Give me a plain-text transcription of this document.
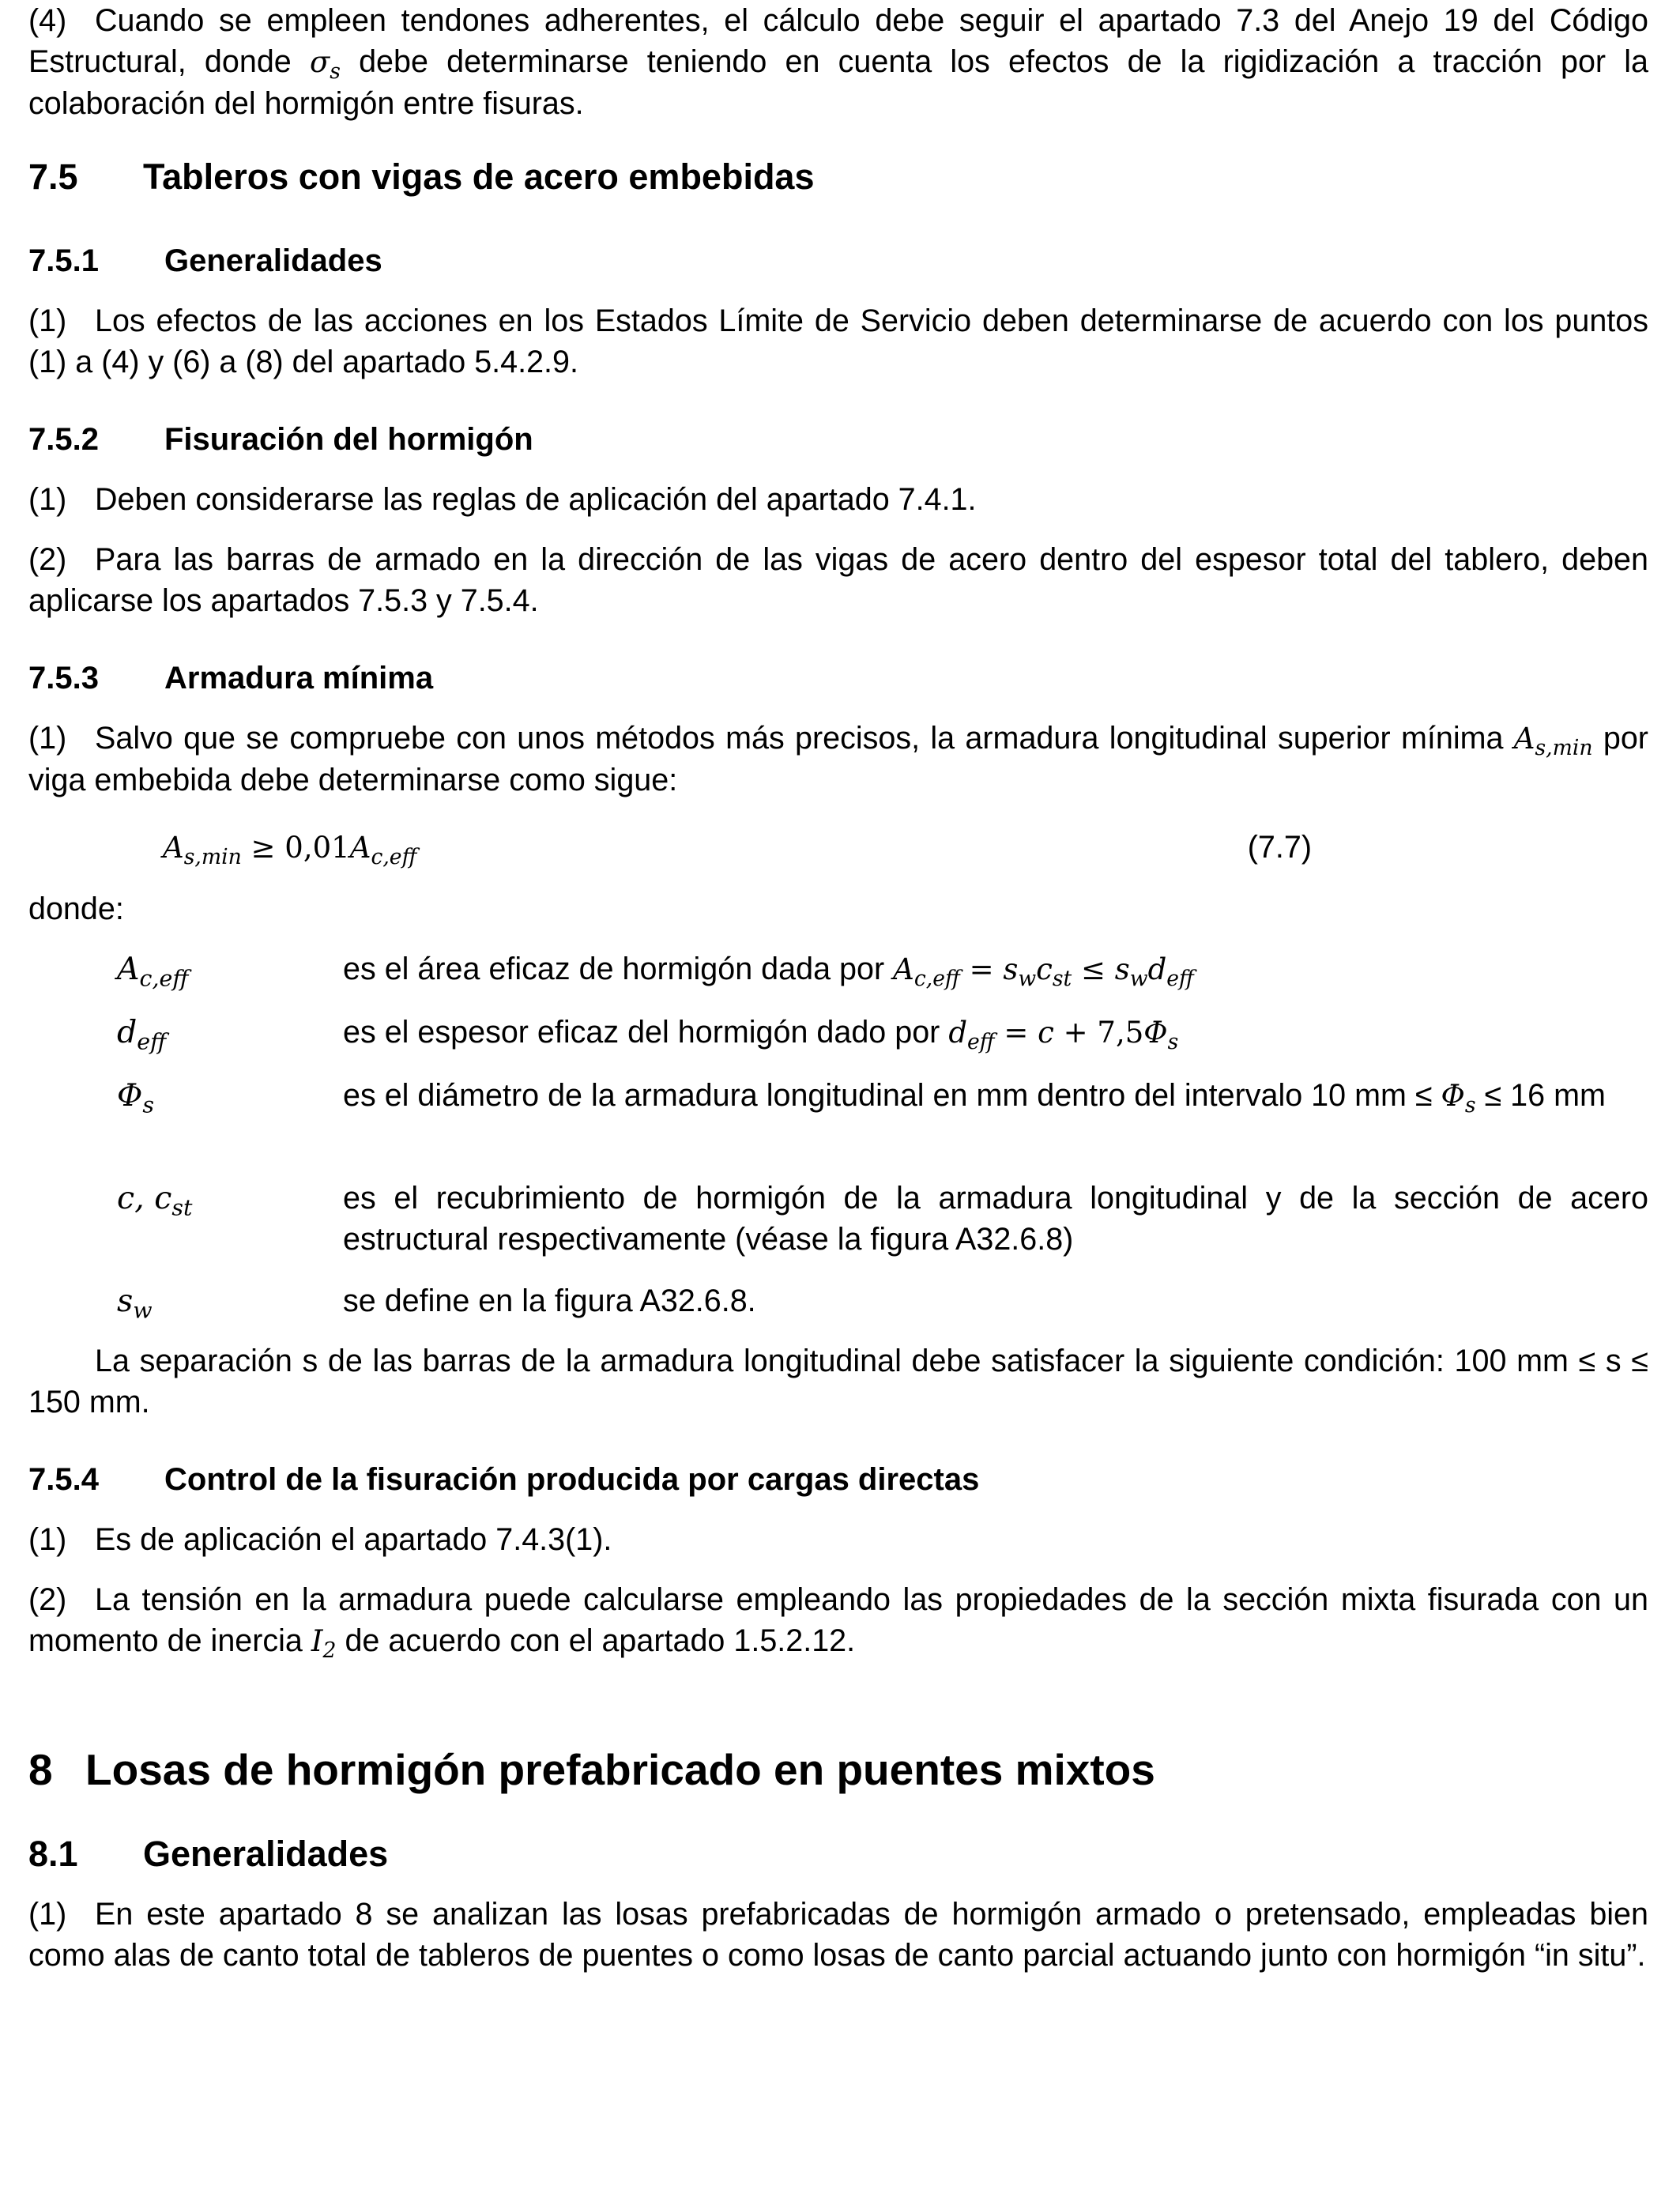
(4) Cuando se empleen tendones adherentes, el cálculo debe seguir el apartado 7.3 del Anejo 19 del Código Estructural, donde $\sigma_s$ debe determinarse teniendo en cuenta los efectos de la rigidización a tracción por la colaboración del hormigón entre fisuras.
7.5 Tableros con vigas de acero embebidas
7.5.1 Generalidades
(1) Los efectos de las acciones en los Estados Límite de Servicio deben determinarse de acuerdo con los puntos (1) a (4) y (6) a (8) del apartado 5.4.2.9.
7.5.2 Fisuración del hormigón
(1) Deben considerarse las reglas de aplicación del apartado 7.4.1.
(2) Para las barras de armado en la dirección de las vigas de acero dentro del espesor total del tablero, deben aplicarse los apartados 7.5.3 y 7.5.4.
7.5.3 Armadura mínima
(1) Salvo que se compruebe con unos métodos más precisos, la armadura longitudinal superior mínima $A_{s,min}$ por viga embebida debe determinarse como sigue:
$A_{s,min} \ge 0,01A_{c,eff}$	(7.7)
donde:
$A_{c,eff}$	es el área eficaz de hormigón dada por $A_{c,eff} = s_wc_{st} \le s_wd_{eff}$
$d_{eff}$	es el espesor eficaz del hormigón dado por $d_{eff} = c + 7,5\Phi_s$
$\Phi_s$	es el diámetro de la armadura longitudinal en mm dentro del intervalo 10 mm ≤ $\Phi_s \le 16$ mm
c, $c_{st}$	es el recubrimiento de hormigón de la armadura longitudinal y de la sección de acero estructural respectivamente (véase la figura A32.6.8)
$s_w$	se define en la figura A32.6.8.
La separación s de las barras de la armadura longitudinal debe satisfacer la siguiente condición: 100 mm ≤ s ≤ 150 mm.
7.5.4 Control de la fisuración producida por cargas directas
(1) Es de aplicación el apartado 7.4.3(1).
(2) La tensión en la armadura puede calcularse empleando las propiedades de la sección mixta fisurada con un momento de inercia $I_2$ de acuerdo con el apartado 1.5.2.12.
8 Losas de hormigón prefabricado en puentes mixtos
8.1 Generalidades
(1) En este apartado 8 se analizan las losas prefabricadas de hormigón armado o pretensado, empleadas bien como alas de canto total de tableros de puentes o como losas de canto parcial actuando junto con hormigón “in situ”.
